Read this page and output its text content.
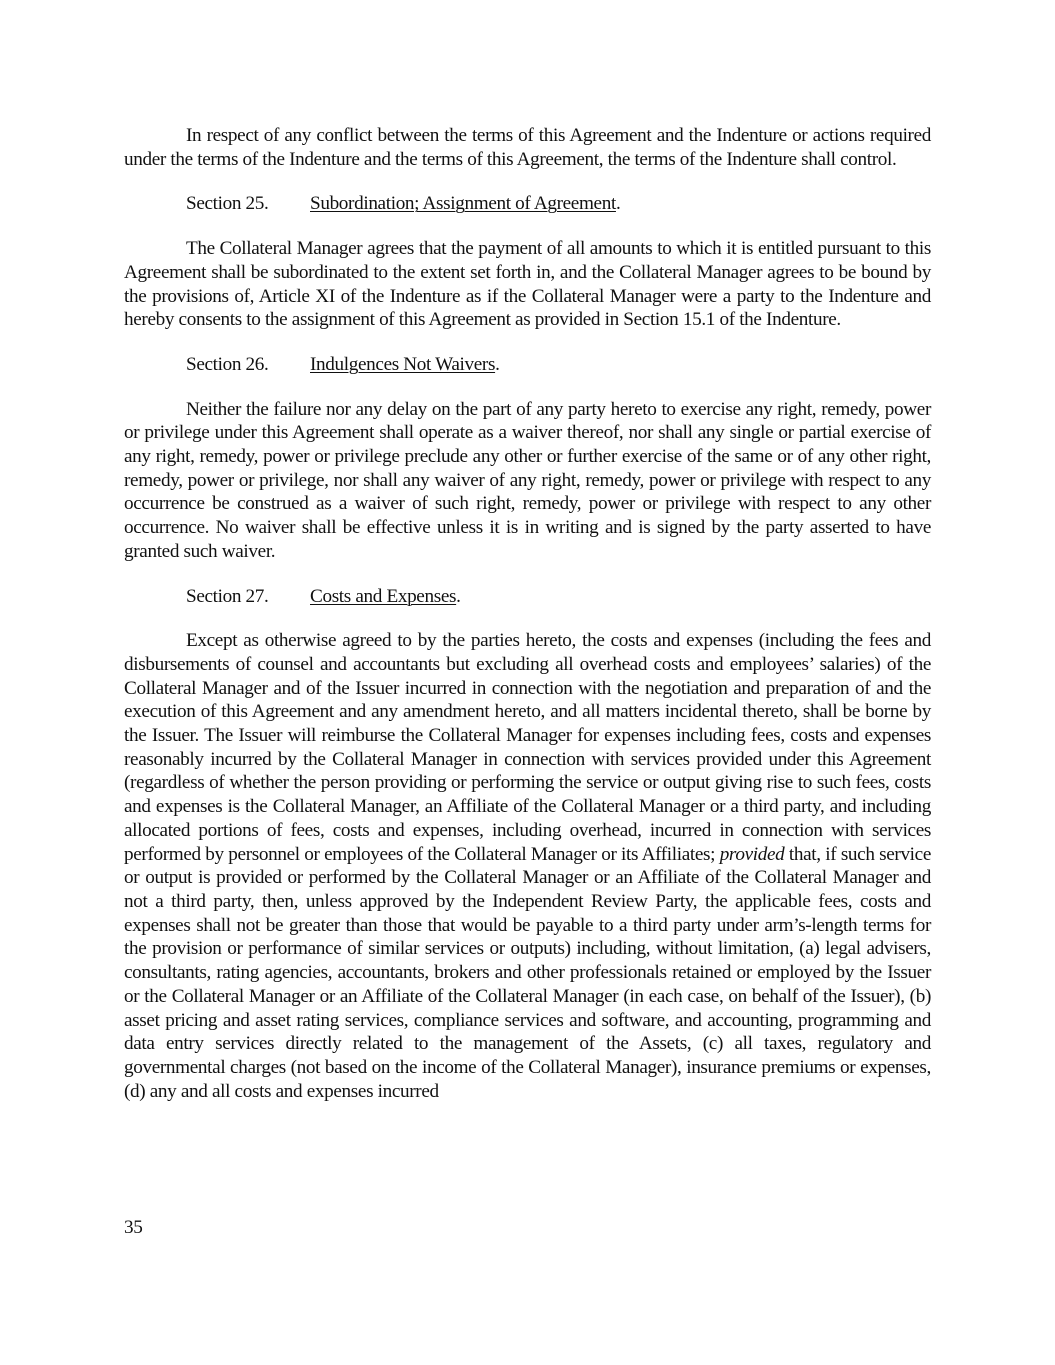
In respect of any conflict between the terms of this Agreement and the Indenture or actions required under the terms of the Indenture and the terms of this Agreement, the terms of the Indenture shall control.

Section 25. Subordination; Assignment of Agreement.

The Collateral Manager agrees that the payment of all amounts to which it is entitled pursuant to this Agreement shall be subordinated to the extent set forth in, and the Collateral Manager agrees to be bound by the provisions of, Article XI of the Indenture as if the Collateral Manager were a party to the Indenture and hereby consents to the assignment of this Agreement as provided in Section 15.1 of the Indenture.

Section 26. Indulgences Not Waivers.

Neither the failure nor any delay on the part of any party hereto to exercise any right, remedy, power or privilege under this Agreement shall operate as a waiver thereof, nor shall any single or partial exercise of any right, remedy, power or privilege preclude any other or further exercise of the same or of any other right, remedy, power or privilege, nor shall any waiver of any right, remedy, power or privilege with respect to any occurrence be construed as a waiver of such right, remedy, power or privilege with respect to any other occurrence. No waiver shall be effective unless it is in writing and is signed by the party asserted to have granted such waiver.

Section 27. Costs and Expenses.

Except as otherwise agreed to by the parties hereto, the costs and expenses (including the fees and disbursements of counsel and accountants but excluding all overhead costs and employees’ salaries) of the Collateral Manager and of the Issuer incurred in connection with the negotiation and preparation of and the execution of this Agreement and any amendment hereto, and all matters incidental thereto, shall be borne by the Issuer. The Issuer will reimburse the Collateral Manager for expenses including fees, costs and expenses reasonably incurred by the Collateral Manager in connection with services provided under this Agreement (regardless of whether the person providing or performing the service or output giving rise to such fees, costs and expenses is the Collateral Manager, an Affiliate of the Collateral Manager or a third party, and including allocated portions of fees, costs and expenses, including overhead, incurred in connection with services performed by personnel or employees of the Collateral Manager or its Affiliates; provided that, if such service or output is provided or performed by the Collateral Manager or an Affiliate of the Collateral Manager and not a third party, then, unless approved by the Independent Review Party, the applicable fees, costs and expenses shall not be greater than those that would be payable to a third party under arm’s-length terms for the provision or performance of similar services or outputs) including, without limitation, (a) legal advisers, consultants, rating agencies, accountants, brokers and other professionals retained or employed by the Issuer or the Collateral Manager or an Affiliate of the Collateral Manager (in each case, on behalf of the Issuer), (b) asset pricing and asset rating services, compliance services and software, and accounting, programming and data entry services directly related to the management of the Assets, (c) all taxes, regulatory and governmental charges (not based on the income of the Collateral Manager), insurance premiums or expenses, (d) any and all costs and expenses incurred

35
